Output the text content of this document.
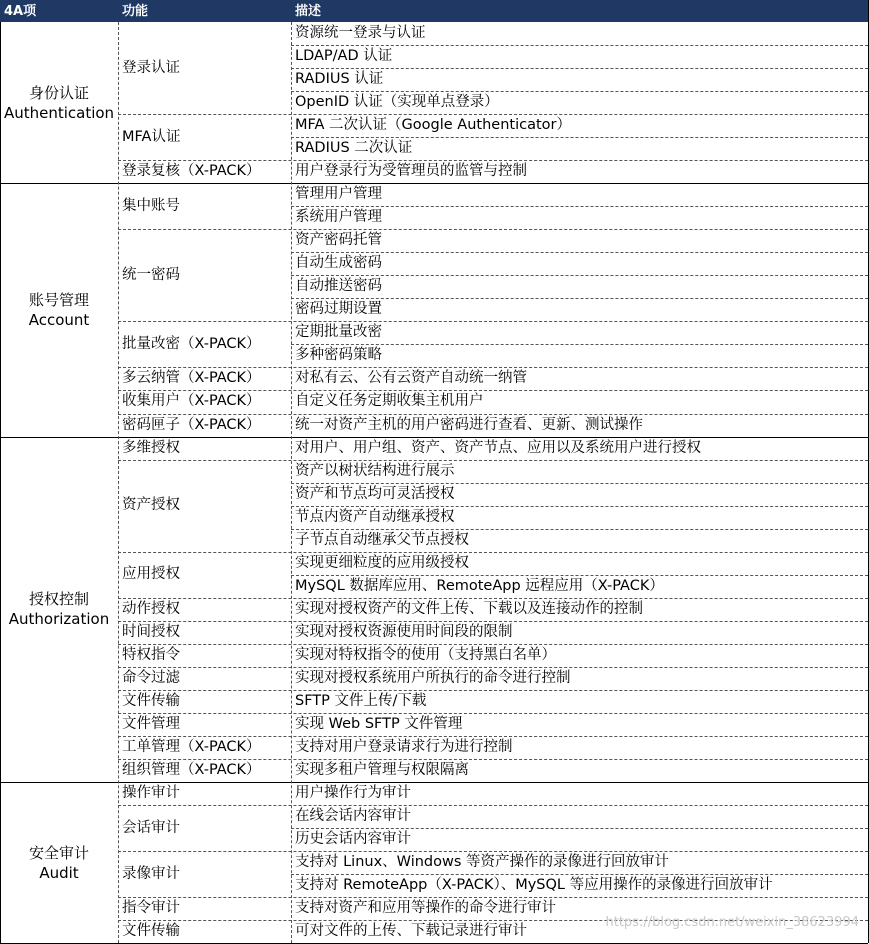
4A项	功能	描述
资源统一登录与认证
LDAP/AD 认证
RADIUS 认证
OpenID 认证（实现单点登录）
登录认证
MFA 二次认证（Google Authenticator）
RADIUS 二次认证
MFA认证
用户登录行为受管理员的监管与控制
登录复核（X-PACK）
身份认证
Authentication
管理用户管理
系统用户管理
集中账号
资产密码托管
自动生成密码
自动推送密码
密码过期设置
统一密码
定期批量改密
多种密码策略
批量改密（X-PACK）
对私有云、公有云资产自动统一纳管
多云纳管（X-PACK）
自定义任务定期收集主机用户
收集用户（X-PACK）
统一对资产主机的用户密码进行查看、更新、测试操作
密码匣子（X-PACK）
账号管理
Account
对用户、用户组、资产、资产节点、应用以及系统用户进行授权
多维授权
资产以树状结构进行展示
资产和节点均可灵活授权
节点内资产自动继承授权
子节点自动继承父节点授权
资产授权
实现更细粒度的应用级授权
MySQL 数据库应用、RemoteApp 远程应用（X-PACK）
应用授权
实现对授权资产的文件上传、下载以及连接动作的控制
动作授权
实现对授权资源使用时间段的限制
时间授权
实现对特权指令的使用（支持黑白名单）
特权指令
实现对授权系统用户所执行的命令进行控制
命令过滤
SFTP 文件上传/下载
文件传输
实现 Web SFTP 文件管理
文件管理
支持对用户登录请求行为进行控制
工单管理（X-PACK）
实现多租户管理与权限隔离
组织管理（X-PACK）
授权控制
Authorization
用户操作行为审计
操作审计
在线会话内容审计
历史会话内容审计
会话审计
支持对 Linux、Windows 等资产操作的录像进行回放审计
支持对 RemoteApp（X-PACK）、MySQL 等应用操作的录像进行回放审计
录像审计
支持对资产和应用等操作的命令进行审计
指令审计
可对文件的上传、下载记录进行审计
文件传输
安全审计
Audit
https://blog.csdn.net/weixin_38623994
